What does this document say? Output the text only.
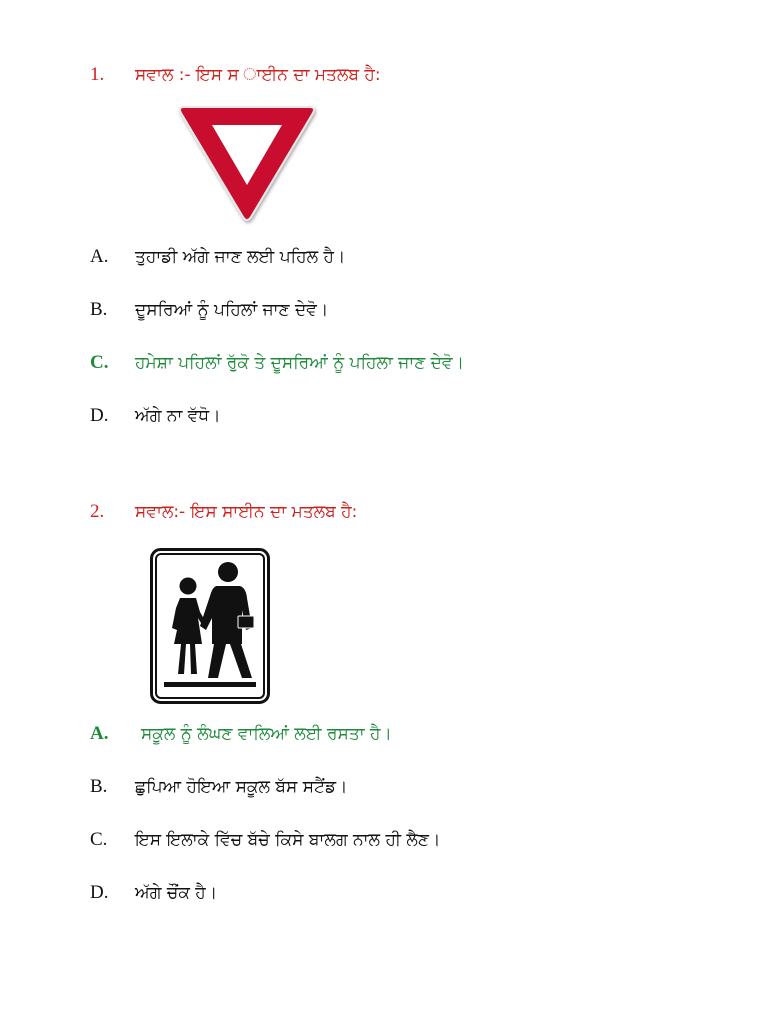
1. ਸਵਾਲ :- ਇਸ ਸ ਾਈਨ ਦਾ ਮਤਲਬ ਹੈ:
A. ਤੁਹਾਡੀ ਅੱਗੇ ਜਾਣ ਲਈ ਪਹਿਲ ਹੈ।
B. ਦੂਸਰਿਆਂ ਨੂੰ ਪਹਿਲਾਂ ਜਾਣ ਦੇਵੋ।
C. ਹਮੇਸ਼ਾ ਪਹਿਲਾਂ ਰੁੱਕੋ ਤੇ ਦੂਸਰਿਆਂ ਨੂੰ ਪਹਿਲਾ ਜਾਣ ਦੇਵੋ।
D. ਅੱਗੇ ਨਾ ਵੱਧੋ।
2. ਸਵਾਲ:- ਇਸ ਸਾਈਨ ਦਾ ਮਤਲਬ ਹੈ:
A. ਸਕੂਲ ਨੂੰ ਲੰਘਣ ਵਾਲਿਆਂ ਲਈ ਰਸਤਾ ਹੈ।
B. ਛੁਪਿਆ ਹੋਇਆ ਸਕੂਲ ਬੱਸ ਸਟੈਂਡ।
C. ਇਸ ਇਲਾਕੇ ਵਿੱਚ ਬੱਚੇ ਕਿਸੇ ਬਾਲਗ ਨਾਲ ਹੀ ਲੈਣ।
D. ਅੱਗੇ ਚੌਂਕ ਹੈ।
